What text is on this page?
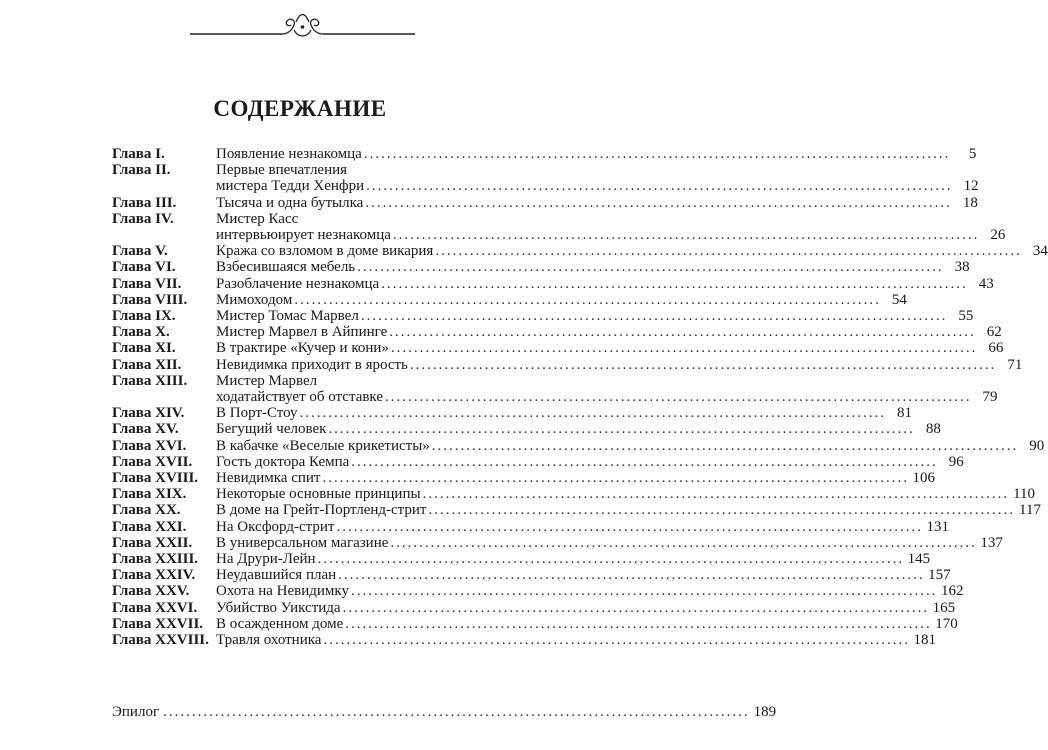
СОДЕРЖАНИЕ
Глава I.	Появление незнакомца .....	5
Глава II.	Первые впечатления
мистера Тедди Хенфри .....	12
Глава III.	Тысяча и одна бутылка .....	18
Глава IV.	Мистер Касс
интервьюирует незнакомца .....	26
Глава V.	Кража со взломом в доме викария .....	34
Глава VI.	Взбесившаяся мебель .....	38
Глава VII.	Разоблачение незнакомца .....	43
Глава VIII.	Мимоходом .....	54
Глава IX.	Мистер Томас Марвел .....	55
Глава X.	Мистер Марвел в Айпинге .....	62
Глава XI.	В трактире «Кучер и кони» .....	66
Глава XII.	Невидимка приходит в ярость .....	71
Глава XIII.	Мистер Марвел
ходатайствует об отставке .....	79
Глава XIV.	В Порт-Стоу .....	81
Глава XV.	Бегущий человек .....	88
Глава XVI.	В кабачке «Веселые крикетисты» .....	90
Глава XVII.	Гость доктора Кемпа .....	96
Глава XVIII.	Невидимка спит .....	106
Глава XIX.	Некоторые основные принципы .....	110
Глава XX.	В доме на Грейт-Портленд-стрит .....	117
Глава XXI.	На Оксфорд-стрит .....	131
Глава XXII.	В универсальном магазине .....	137
Глава XXIII.	На Друри-Лейн .....	145
Глава XXIV.	Неудавшийся план .....	157
Глава XXV.	Охота на Невидимку .....	162
Глава XXVI.	Убийство Уикстида .....	165
Глава XXVII. В осажденном доме .....	170
Глава XXVIII. Травля охотника .....	181
Эпилог .....	189
